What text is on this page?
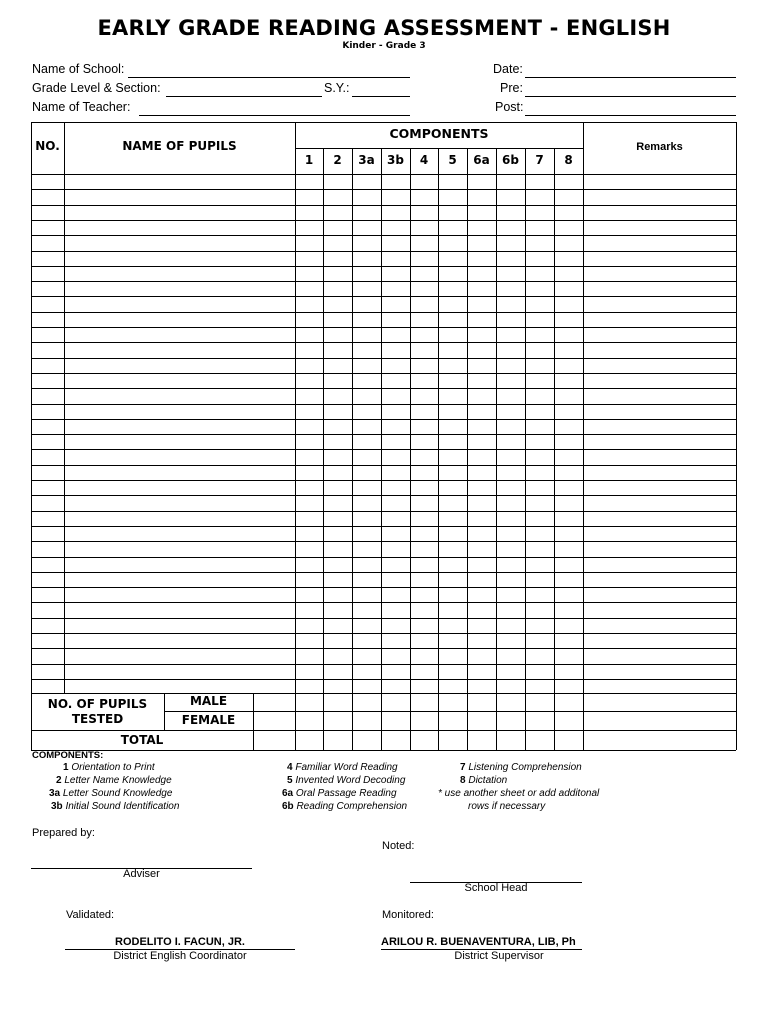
EARLY GRADE READING ASSESSMENT - ENGLISH
Kinder - Grade 3
Name of School:
Grade Level & Section:	S.Y.:
Name of Teacher:
Date:
Pre:
Post:
NO.	NAME OF PUPILS
COMPONENTS
Remarks
1	2	3a	3b	4	5	6a	6b	7	8
NO. OF PUPILS TESTED
MALE
FEMALE
TOTAL
COMPONENTS:
1 Orientation to Print
2 Letter Name Knowledge
3a Letter Sound Knowledge
3b Initial Sound Identification
4 Familiar Word Reading
5 Invented Word Decoding
6a Oral Passage Reading
6b Reading Comprehension
7 Listening Comprehension
8 Dictation
* use another sheet or add additonal
rows if necessary
Prepared by:
Adviser
Noted:
School Head
Validated:
RODELITO I. FACUN, JR.
District English Coordinator
Monitored:
ARILOU R. BUENAVENTURA, LIB, Ph
District Supervisor
